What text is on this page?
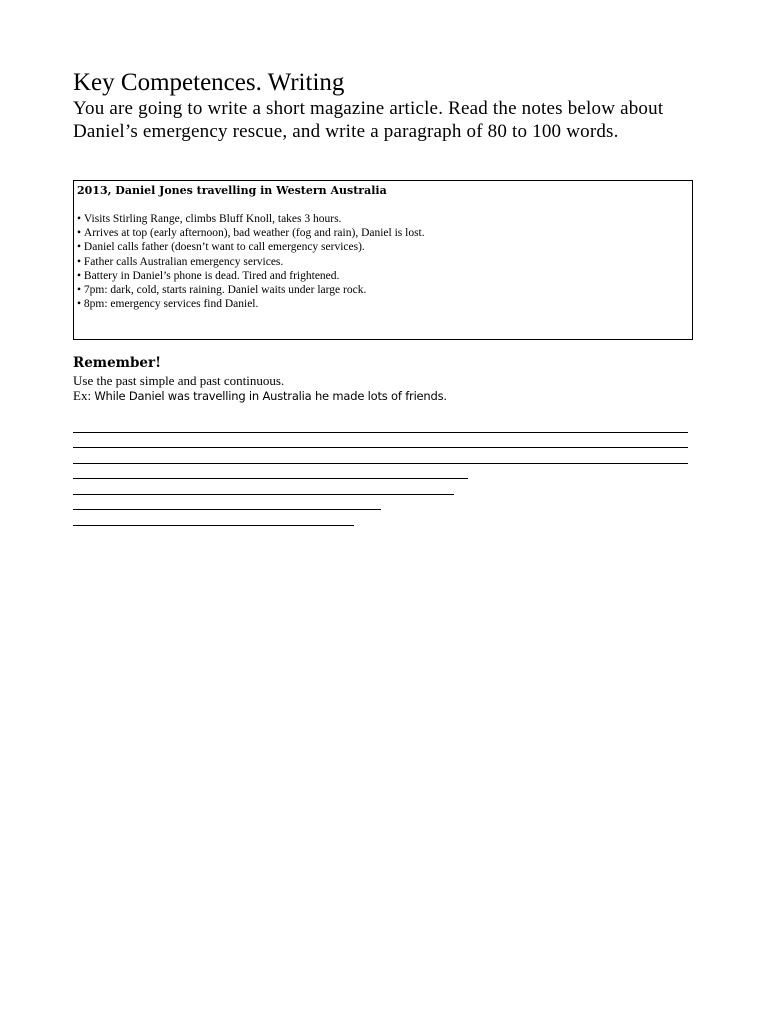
Key Competences. Writing

You are going to write a short magazine article. Read the notes below about Daniel’s emergency rescue, and write a paragraph of 80 to 100 words.

2013, Daniel Jones travelling in Western Australia

• Visits Stirling Range, climbs Bluff Knoll, takes 3 hours.
• Arrives at top (early afternoon), bad weather (fog and rain), Daniel is lost.
• Daniel calls father (doesn’t want to call emergency services).
• Father calls Australian emergency services.
• Battery in Daniel’s phone is dead. Tired and frightened.
• 7pm: dark, cold, starts raining. Daniel waits under large rock.
• 8pm: emergency services find Daniel.

Remember!

Use the past simple and past continuous.

Ex: While Daniel was travelling in Australia he made lots of friends.
